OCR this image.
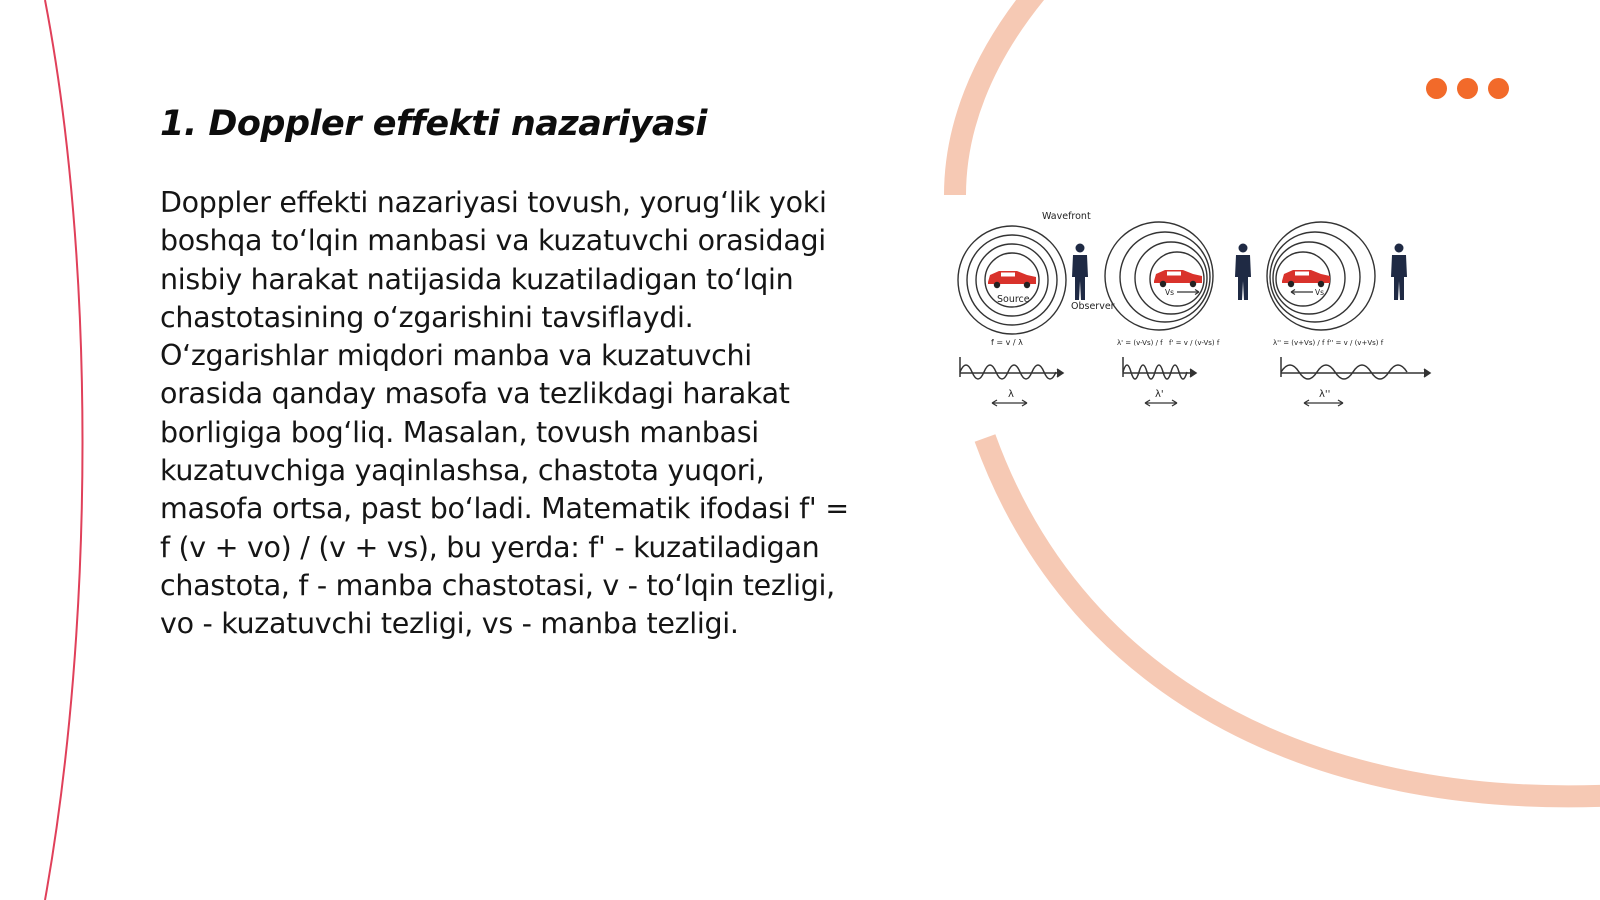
1. Doppler effekti nazariyasi

Doppler effekti nazariyasi tovush, yorug‘lik yoki boshqa to‘lqin manbasi va kuzatuvchi orasidagi nisbiy harakat natijasida kuzatiladigan to‘lqin chastotasining o‘zgarishini tavsiflaydi. O‘zgarishlar miqdori manba va kuzatuvchi orasida qanday masofa va tezlikdagi harakat borligiga bog‘liq. Masalan, tovush manbasi kuzatuvchiga yaqinlashsa, chastota yuqori, masofa ortsa, past bo‘ladi. Matematik ifodasi f' = f (v + vo) / (v + vs), bu yerda: f' - kuzatiladigan chastota, f - manba chastotasi, v - to‘lqin tezligi, vo - kuzatuvchi tezligi, vs - manba tezligi.

Source
Wavefront
Observer
f = v / λ
λ
Vs
λ' = (v-Vs) / f f' = v / (v-Vs) f
λ'
Vs
λ'' = (v+Vs) / f f'' = v / (v+Vs) f
λ''
